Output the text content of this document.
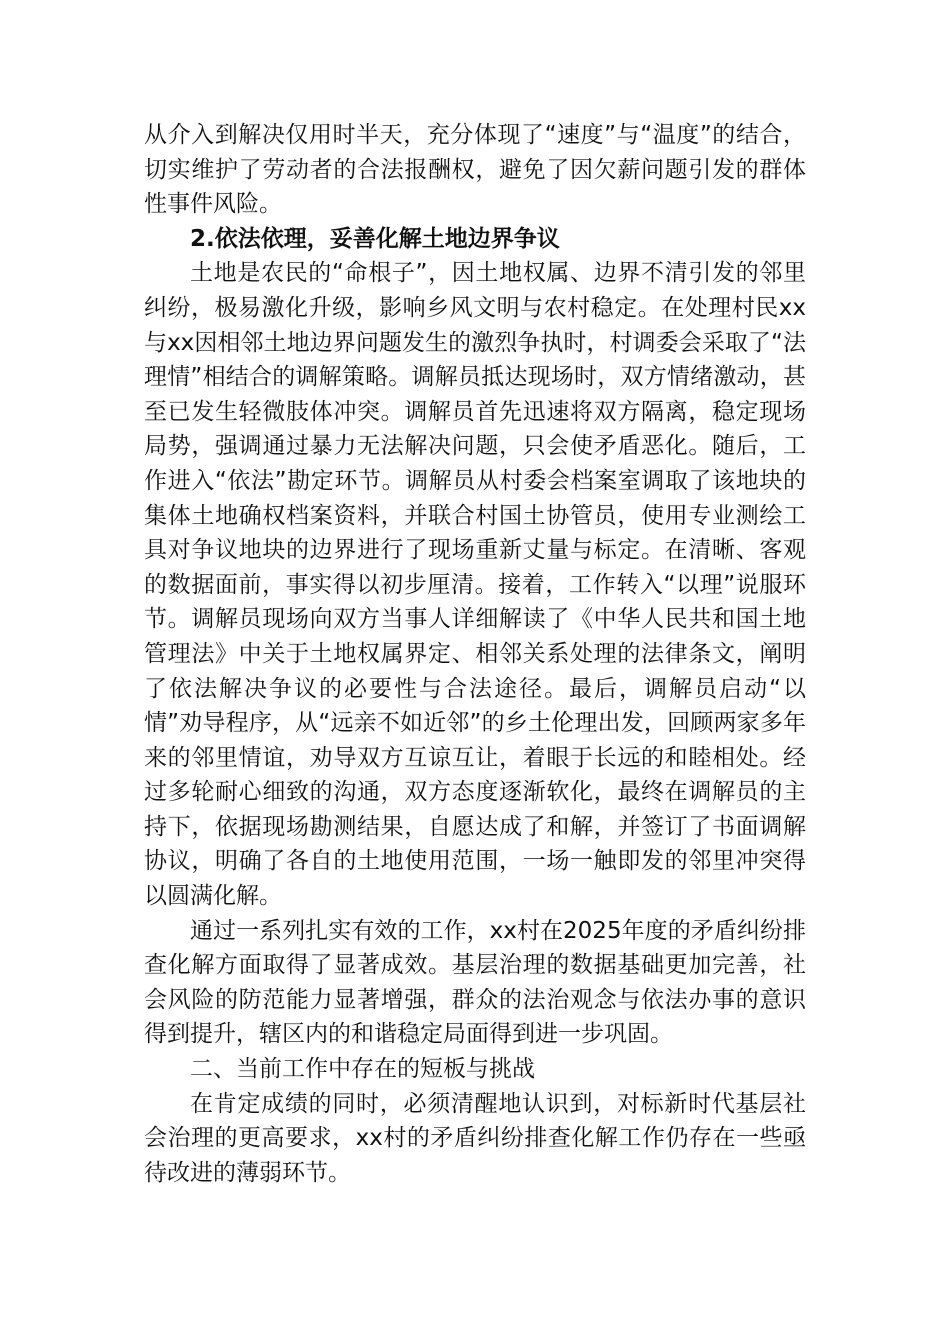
从介入到解决仅用时半天，充分体现了“速度”与“温度”的结合，切实维护了劳动者的合法报酬权，避免了因欠薪问题引发的群体性事件风险。

2.依法依理，妥善化解土地边界争议

土地是农民的“命根子”，因土地权属、边界不清引发的邻里纠纷，极易激化升级，影响乡风文明与农村稳定。在处理村民xx与xx因相邻土地边界问题发生的激烈争执时，村调委会采取了“法理情”相结合的调解策略。调解员抵达现场时，双方情绪激动，甚至已发生轻微肢体冲突。调解员首先迅速将双方隔离，稳定现场局势，强调通过暴力无法解决问题，只会使矛盾恶化。随后，工作进入“依法”勘定环节。调解员从村委会档案室调取了该地块的集体土地确权档案资料，并联合村国土协管员，使用专业测绘工具对争议地块的边界进行了现场重新丈量与标定。在清晰、客观的数据面前，事实得以初步厘清。接着，工作转入“以理”说服环节。调解员现场向双方当事人详细解读了《中华人民共和国土地管理法》中关于土地权属界定、相邻关系处理的法律条文，阐明了依法解决争议的必要性与合法途径。最后，调解员启动“以情”劝导程序，从“远亲不如近邻”的乡土伦理出发，回顾两家多年来的邻里情谊，劝导双方互谅互让，着眼于长远的和睦相处。经过多轮耐心细致的沟通，双方态度逐渐软化，最终在调解员的主持下，依据现场勘测结果，自愿达成了和解，并签订了书面调解协议，明确了各自的土地使用范围，一场一触即发的邻里冲突得以圆满化解。

通过一系列扎实有效的工作，xx村在2025年度的矛盾纠纷排查化解方面取得了显著成效。基层治理的数据基础更加完善，社会风险的防范能力显著增强，群众的法治观念与依法办事的意识得到提升，辖区内的和谐稳定局面得到进一步巩固。

二、当前工作中存在的短板与挑战

在肯定成绩的同时，必须清醒地认识到，对标新时代基层社会治理的更高要求，xx村的矛盾纠纷排查化解工作仍存在一些亟待改进的薄弱环节。
